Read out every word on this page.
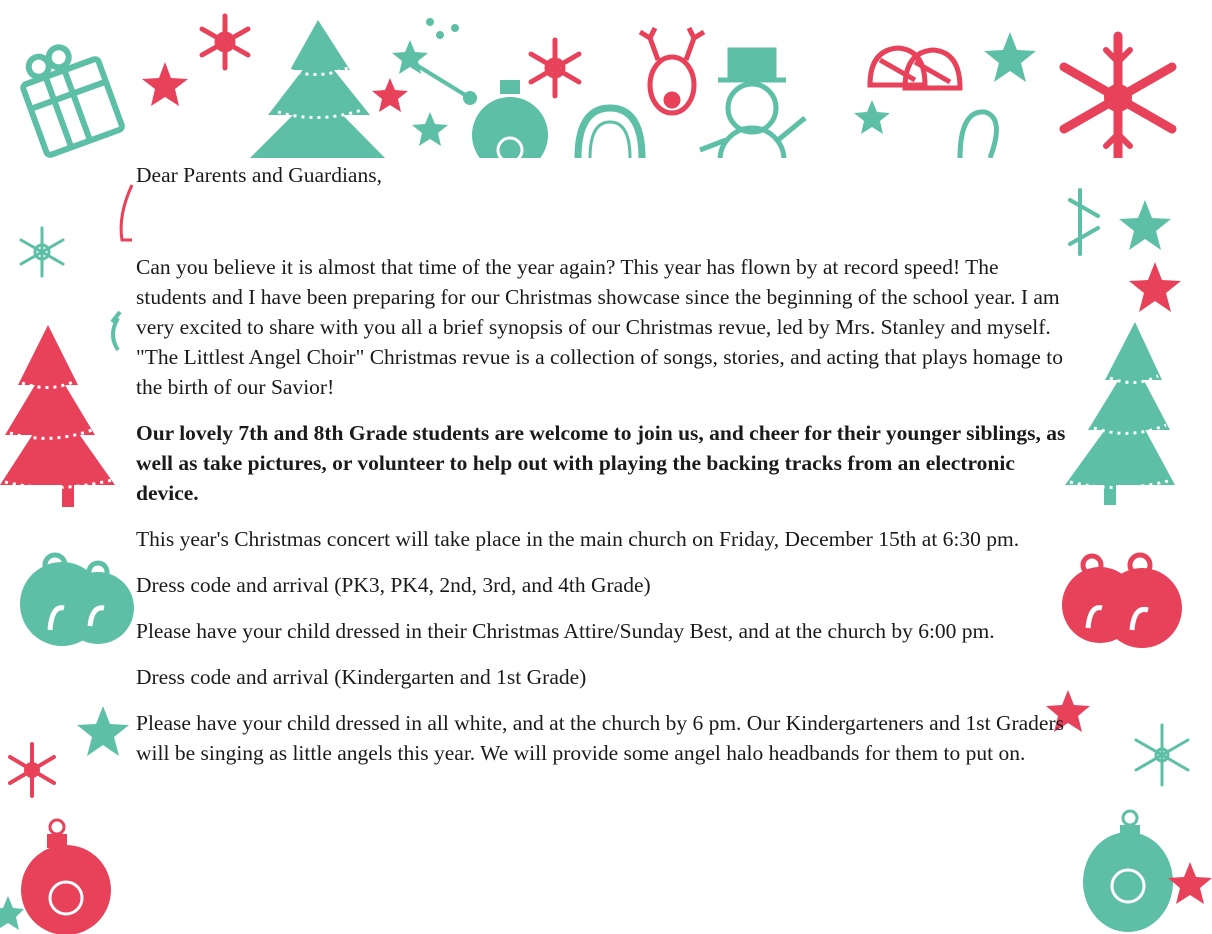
Dear Parents and Guardians,

Can you believe it is almost that time of the year again? This year has flown by at record speed! The students and I have been preparing for our Christmas showcase since the beginning of the school year. I am very excited to share with you all a brief synopsis of our Christmas revue, led by Mrs. Stanley and myself. "The Littlest Angel Choir" Christmas revue is a collection of songs, stories, and acting that plays homage to the birth of our Savior!

Our lovely 7th and 8th Grade students are welcome to join us, and cheer for their younger siblings, as well as take pictures, or volunteer to help out with playing the backing tracks from an electronic device.

This year's Christmas concert will take place in the main church on Friday, December 15th at 6:30 pm.

Dress code and arrival (PK3, PK4, 2nd, 3rd, and 4th Grade)

Please have your child dressed in their Christmas Attire/Sunday Best, and at the church by 6:00 pm.

Dress code and arrival (Kindergarten and 1st Grade)

Please have your child dressed in all white, and at the church by 6 pm. Our Kindergarteners and 1st Graders will be singing as little angels this year. We will provide some angel halo headbands for them to put on.
